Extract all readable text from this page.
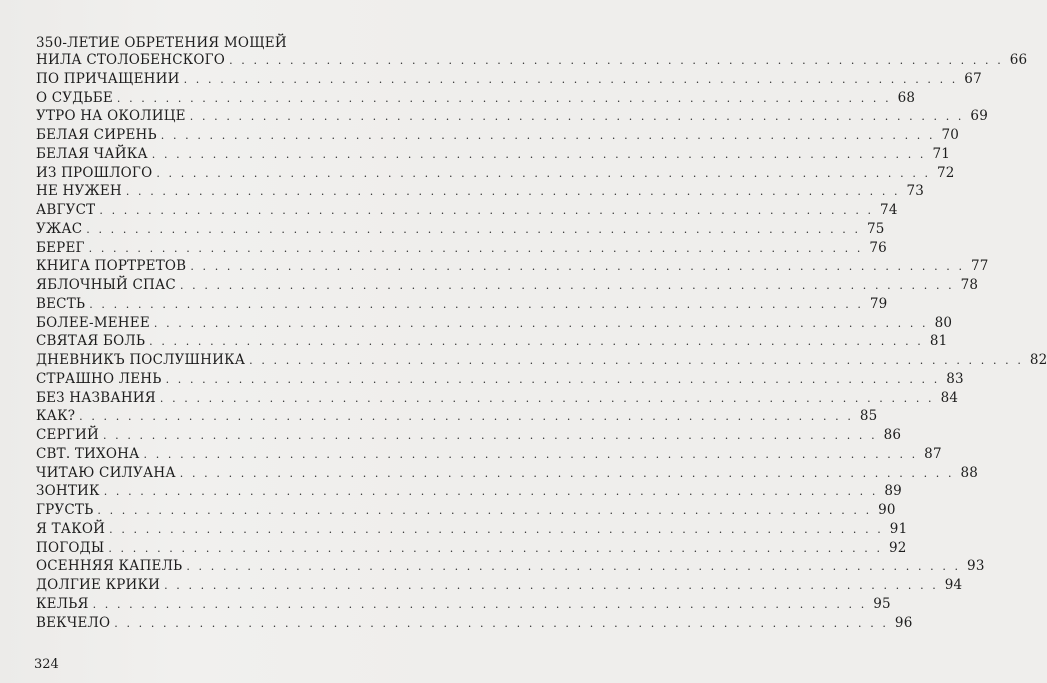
350-ЛЕТИЕ ОБРЕТЕНИЯ МОЩЕЙ
НИЛА СТОЛОБЕНСКОГО . . . . . . . . . . . . . . . . . . . . . . . . . . . . . . . . . . . . . . . . . . . . . . . . . . . . . . . . . . . . . . . . 66
ПО ПРИЧАЩЕНИИ . . . . . . . . . . . . . . . . . . . . . . . . . . . . . . . . . . . . . . . . . . . . . . . . . . . . . . . . . . . . . . . . 67
О СУДЬБЕ . . . . . . . . . . . . . . . . . . . . . . . . . . . . . . . . . . . . . . . . . . . . . . . . . . . . . . . . . . . . . . . . 68
УТРО НА ОКОЛИЦЕ . . . . . . . . . . . . . . . . . . . . . . . . . . . . . . . . . . . . . . . . . . . . . . . . . . . . . . . . . . . . . . . . 69
БЕЛАЯ СИРЕНЬ . . . . . . . . . . . . . . . . . . . . . . . . . . . . . . . . . . . . . . . . . . . . . . . . . . . . . . . . . . . . . . . . 70
БЕЛАЯ ЧАЙКА . . . . . . . . . . . . . . . . . . . . . . . . . . . . . . . . . . . . . . . . . . . . . . . . . . . . . . . . . . . . . . . . 71
ИЗ ПРОШЛОГО . . . . . . . . . . . . . . . . . . . . . . . . . . . . . . . . . . . . . . . . . . . . . . . . . . . . . . . . . . . . . . . . 72
НЕ НУЖЕН . . . . . . . . . . . . . . . . . . . . . . . . . . . . . . . . . . . . . . . . . . . . . . . . . . . . . . . . . . . . . . . . 73
АВГУСТ . . . . . . . . . . . . . . . . . . . . . . . . . . . . . . . . . . . . . . . . . . . . . . . . . . . . . . . . . . . . . . . . 74
УЖАС . . . . . . . . . . . . . . . . . . . . . . . . . . . . . . . . . . . . . . . . . . . . . . . . . . . . . . . . . . . . . . . . 75
БЕРЕГ . . . . . . . . . . . . . . . . . . . . . . . . . . . . . . . . . . . . . . . . . . . . . . . . . . . . . . . . . . . . . . . . 76
КНИГА ПОРТРЕТОВ . . . . . . . . . . . . . . . . . . . . . . . . . . . . . . . . . . . . . . . . . . . . . . . . . . . . . . . . . . . . . . . . 77
ЯБЛОЧНЫЙ СПАС . . . . . . . . . . . . . . . . . . . . . . . . . . . . . . . . . . . . . . . . . . . . . . . . . . . . . . . . . . . . . . . . 78
ВЕСТЬ . . . . . . . . . . . . . . . . . . . . . . . . . . . . . . . . . . . . . . . . . . . . . . . . . . . . . . . . . . . . . . . . 79
БОЛЕЕ-МЕНЕЕ . . . . . . . . . . . . . . . . . . . . . . . . . . . . . . . . . . . . . . . . . . . . . . . . . . . . . . . . . . . . . . . . 80
СВЯТАЯ БОЛЬ . . . . . . . . . . . . . . . . . . . . . . . . . . . . . . . . . . . . . . . . . . . . . . . . . . . . . . . . . . . . . . . . 81
ДНЕВНИКЪ ПОСЛУШНИКА . . . . . . . . . . . . . . . . . . . . . . . . . . . . . . . . . . . . . . . . . . . . . . . . . . . . . . . . . . . . . . . . 82
СТРАШНО ЛЕНЬ . . . . . . . . . . . . . . . . . . . . . . . . . . . . . . . . . . . . . . . . . . . . . . . . . . . . . . . . . . . . . . . . 83
БЕЗ НАЗВАНИЯ . . . . . . . . . . . . . . . . . . . . . . . . . . . . . . . . . . . . . . . . . . . . . . . . . . . . . . . . . . . . . . . . 84
КАК? . . . . . . . . . . . . . . . . . . . . . . . . . . . . . . . . . . . . . . . . . . . . . . . . . . . . . . . . . . . . . . . . 85
СЕРГИЙ . . . . . . . . . . . . . . . . . . . . . . . . . . . . . . . . . . . . . . . . . . . . . . . . . . . . . . . . . . . . . . . . 86
СВТ. ТИХОНА . . . . . . . . . . . . . . . . . . . . . . . . . . . . . . . . . . . . . . . . . . . . . . . . . . . . . . . . . . . . . . . . 87
ЧИТАЮ СИЛУАНА . . . . . . . . . . . . . . . . . . . . . . . . . . . . . . . . . . . . . . . . . . . . . . . . . . . . . . . . . . . . . . . . 88
ЗОНТИК . . . . . . . . . . . . . . . . . . . . . . . . . . . . . . . . . . . . . . . . . . . . . . . . . . . . . . . . . . . . . . . . 89
ГРУСТЬ . . . . . . . . . . . . . . . . . . . . . . . . . . . . . . . . . . . . . . . . . . . . . . . . . . . . . . . . . . . . . . . . 90
Я ТАКОЙ . . . . . . . . . . . . . . . . . . . . . . . . . . . . . . . . . . . . . . . . . . . . . . . . . . . . . . . . . . . . . . . . 91
ПОГОДЫ . . . . . . . . . . . . . . . . . . . . . . . . . . . . . . . . . . . . . . . . . . . . . . . . . . . . . . . . . . . . . . . . 92
ОСЕННЯЯ КАПЕЛЬ . . . . . . . . . . . . . . . . . . . . . . . . . . . . . . . . . . . . . . . . . . . . . . . . . . . . . . . . . . . . . . . . 93
ДОЛГИЕ КРИКИ . . . . . . . . . . . . . . . . . . . . . . . . . . . . . . . . . . . . . . . . . . . . . . . . . . . . . . . . . . . . . . . . 94
КЕЛЬЯ . . . . . . . . . . . . . . . . . . . . . . . . . . . . . . . . . . . . . . . . . . . . . . . . . . . . . . . . . . . . . . . . 95
ВЕКЧЕЛО . . . . . . . . . . . . . . . . . . . . . . . . . . . . . . . . . . . . . . . . . . . . . . . . . . . . . . . . . . . . . . . . 96
324
